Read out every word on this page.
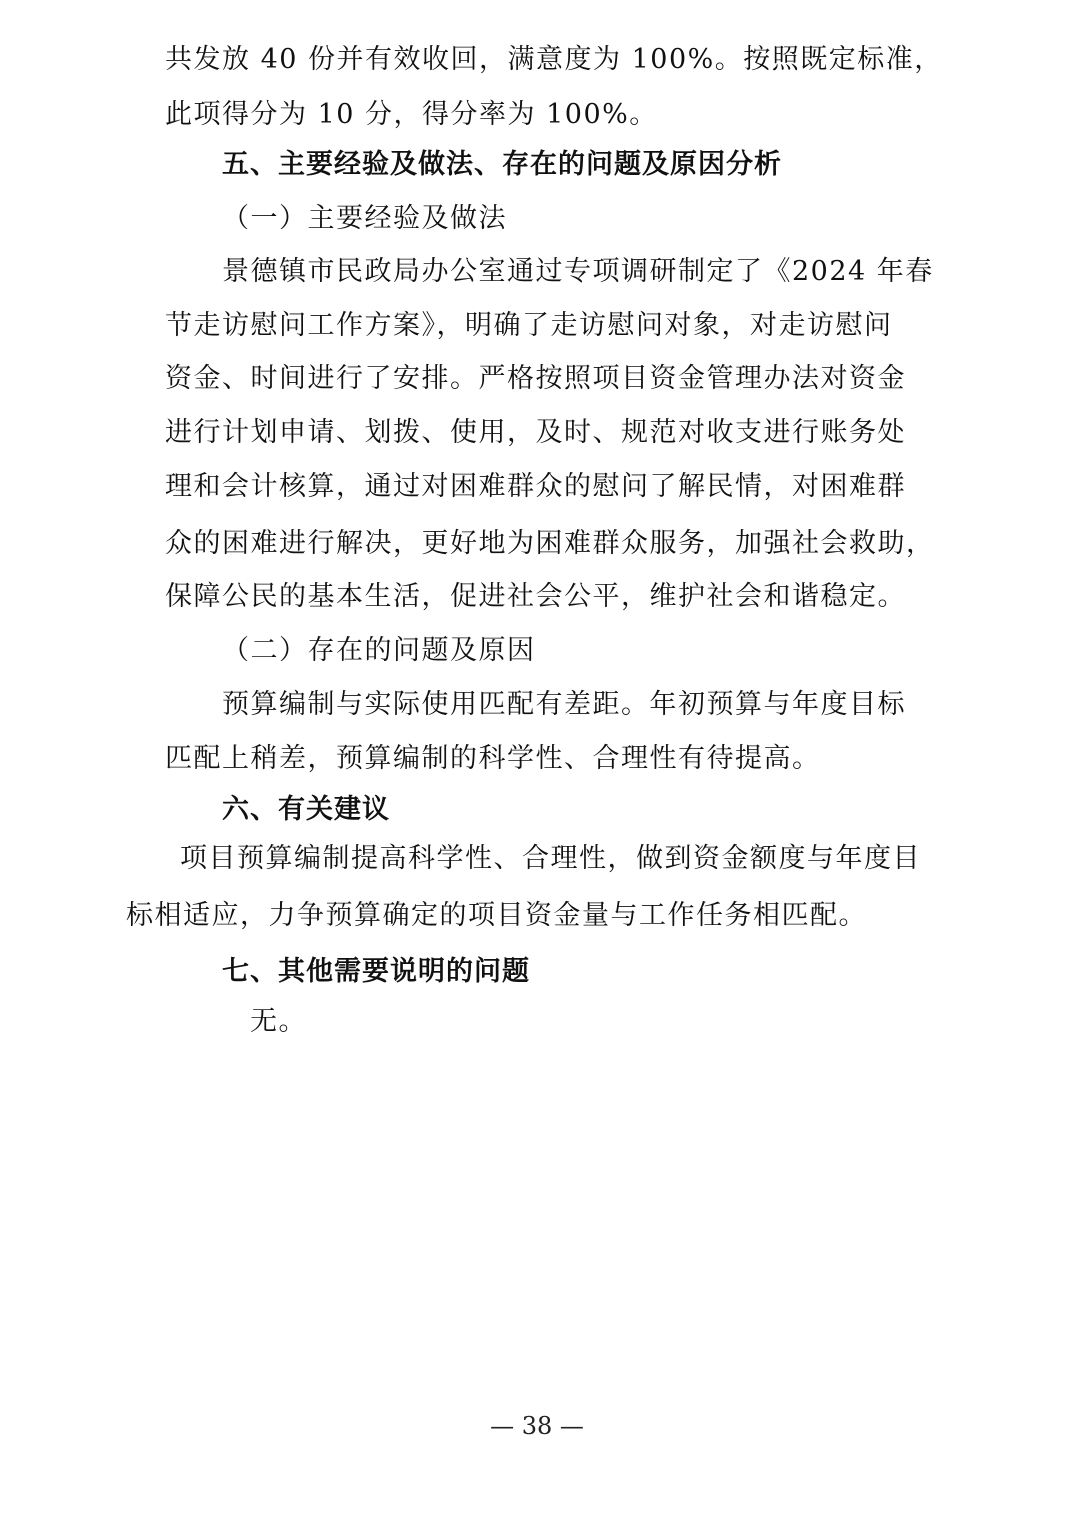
共发放 40 份并有效收回，满意度为 100%。按照既定标准，
此项得分为 10 分，得分率为 100%。
五、主要经验及做法、存在的问题及原因分析
（一）主要经验及做法
景德镇市民政局办公室通过专项调研制定了《2024 年春
节走访慰问工作方案》，明确了走访慰问对象，对走访慰问
资金、时间进行了安排。严格按照项目资金管理办法对资金
进行计划申请、划拨、使用，及时、规范对收支进行账务处
理和会计核算，通过对困难群众的慰问了解民情，对困难群
众的困难进行解决，更好地为困难群众服务，加强社会救助，
保障公民的基本生活，促进社会公平，维护社会和谐稳定。
（二）存在的问题及原因
预算编制与实际使用匹配有差距。年初预算与年度目标
匹配上稍差，预算编制的科学性、合理性有待提高。
六、有关建议
项目预算编制提高科学性、合理性，做到资金额度与年度目
标相适应，力争预算确定的项目资金量与工作任务相匹配。
七、其他需要说明的问题
无。
— 38 —
